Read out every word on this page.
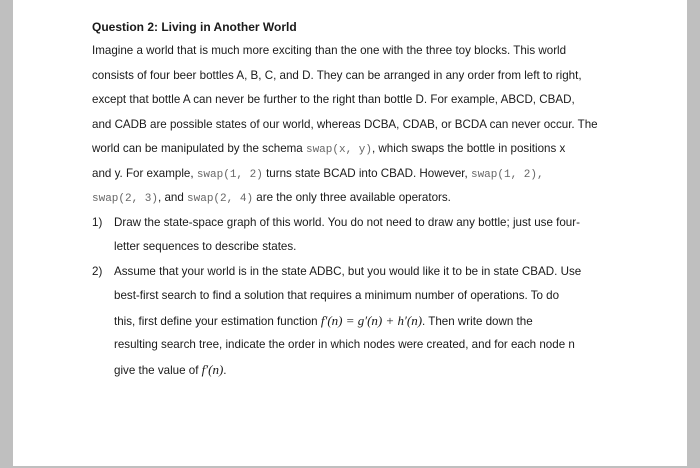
Question 2: Living in Another World
Imagine a world that is much more exciting than the one with the three toy blocks. This world
consists of four beer bottles A, B, C, and D. They can be arranged in any order from left to right,
except that bottle A can never be further to the right than bottle D. For example, ABCD, CBAD,
and CADB are possible states of our world, whereas DCBA, CDAB, or BCDA can never occur. The
world can be manipulated by the schema swap(x, y), which swaps the bottle in positions x
and y. For example, swap(1, 2) turns state BCAD into CBAD. However, swap(1, 2),
swap(2, 3), and swap(2, 4) are the only three available operators.
1)	Draw the state-space graph of this world. You do not need to draw any bottle; just use four-
letter sequences to describe states.
2)	Assume that your world is in the state ADBC, but you would like it to be in state CBAD. Use
best-first search to find a solution that requires a minimum number of operations. To do
this, first define your estimation function f′(n) = g′(n) + h′(n). Then write down the
resulting search tree, indicate the order in which nodes were created, and for each node n
give the value of f′(n).
